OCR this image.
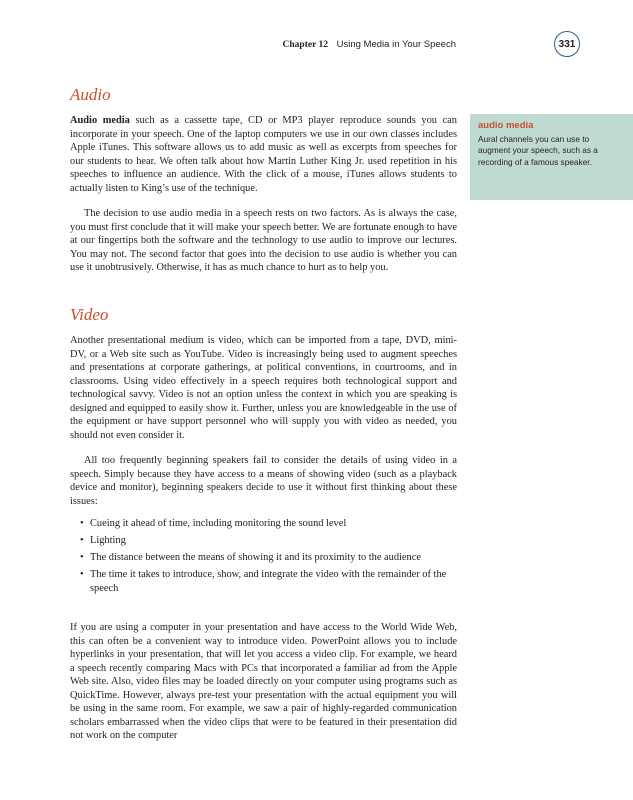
Chapter 12 Using Media in Your Speech	331
audio media
Aural channels you can use to augment your speech, such as a recording of a famous speaker.
Audio

Audio media such as a cassette tape, CD or MP3 player reproduce sounds you can incorporate in your speech. One of the laptop computers we use in our own classes includes Apple iTunes. This software allows us to add music as well as excerpts from speeches for our students to hear. We often talk about how Martin Luther King Jr. used repetition in his speeches to influence an audience. With the click of a mouse, iTunes allows students to actually listen to King’s use of the technique.

The decision to use audio media in a speech rests on two factors. As is always the case, you must first conclude that it will make your speech better. We are fortunate enough to have at our fingertips both the software and the technology to use audio to improve our lectures. You may not. The second factor that goes into the decision to use audio is whether you can use it unobtrusively. Otherwise, it has as much chance to hurt as to help you.

Video

Another presentational medium is video, which can be imported from a tape, DVD, mini-DV, or a Web site such as YouTube. Video is increasingly being used to augment speeches and presentations at corporate gatherings, at political conventions, in courtrooms, and in classrooms. Using video effectively in a speech requires both technological support and technological savvy. Video is not an option unless the context in which you are speaking is designed and equipped to easily show it. Further, unless you are knowledgeable in the use of the equipment or have support personnel who will supply you with video as needed, you should not even consider it.

All too frequently beginning speakers fail to consider the details of using video in a speech. Simply because they have access to a means of showing video (such as a playback device and monitor), beginning speakers decide to use it without first thinking about these issues:

• Cueing it ahead of time, including monitoring the sound level
• Lighting
• The distance between the means of showing it and its proximity to the audience
• The time it takes to introduce, show, and integrate the video with the remainder of the speech

If you are using a computer in your presentation and have access to the World Wide Web, this can often be a convenient way to introduce video. PowerPoint allows you to include hyperlinks in your presentation, that will let you access a video clip. For example, we heard a speech recently comparing Macs with PCs that incorporated a familiar ad from the Apple Web site. Also, video files may be loaded directly on your computer using programs such as QuickTime. However, always pre-test your presentation with the actual equipment you will be using in the same room. For example, we saw a pair of highly-regarded communication scholars embarrassed when the video clips that were to be featured in their presentation did not work on the computer
